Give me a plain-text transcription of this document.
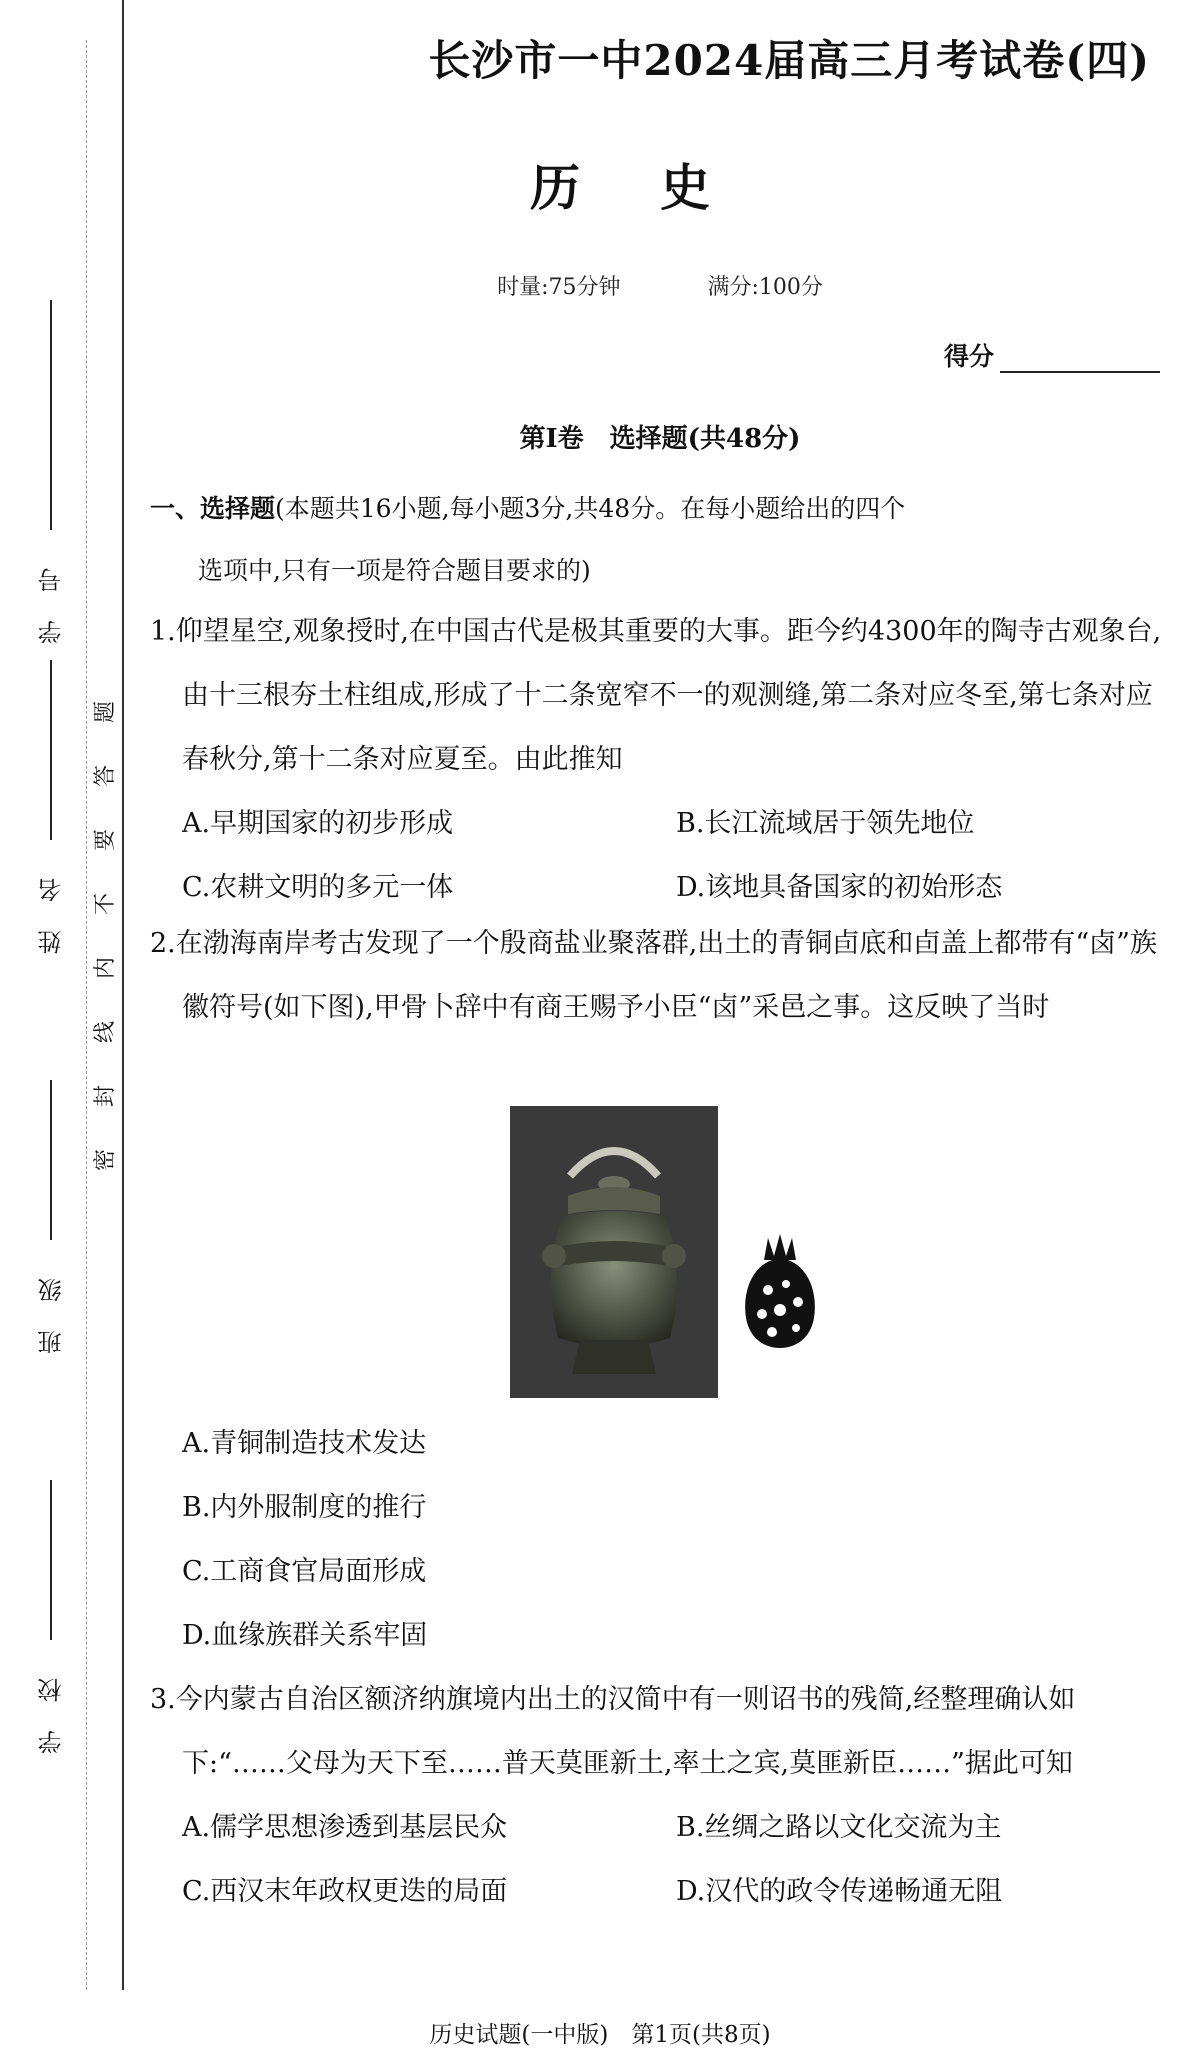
学号
姓名
班级
学校
题
答
要
不
内
线
封
密
长沙市一中2024届高三月考试卷(四)
历史
时量:75分钟	满分:100分
得分
第Ⅰ卷　选择题(共48分)
一、选择题(本题共16小题,每小题3分,共48分。在每小题给出的四个
选项中,只有一项是符合题目要求的)
1.仰望星空,观象授时,在中国古代是极其重要的大事。距今约4300年的陶寺古观象台,由十三根夯土柱组成,形成了十二条宽窄不一的观测缝,第二条对应冬至,第七条对应春秋分,第十二条对应夏至。由此推知
A.早期国家的初步形成	B.长江流域居于领先地位
C.农耕文明的多元一体	D.该地具备国家的初始形态
2.在渤海南岸考古发现了一个殷商盐业聚落群,出土的青铜卣底和卣盖上都带有“卤”族徽符号(如下图),甲骨卜辞中有商王赐予小臣“卤”采邑之事。这反映了当时
A.青铜制造技术发达
B.内外服制度的推行
C.工商食官局面形成
D.血缘族群关系牢固
3.今内蒙古自治区额济纳旗境内出土的汉简中有一则诏书的残简,经整理确认如下:“……父母为天下至……普天莫匪新土,率土之宾,莫匪新臣……”据此可知
A.儒学思想渗透到基层民众	B.丝绸之路以文化交流为主
C.西汉末年政权更迭的局面	D.汉代的政令传递畅通无阻
历史试题(一中版)　第1页(共8页)
